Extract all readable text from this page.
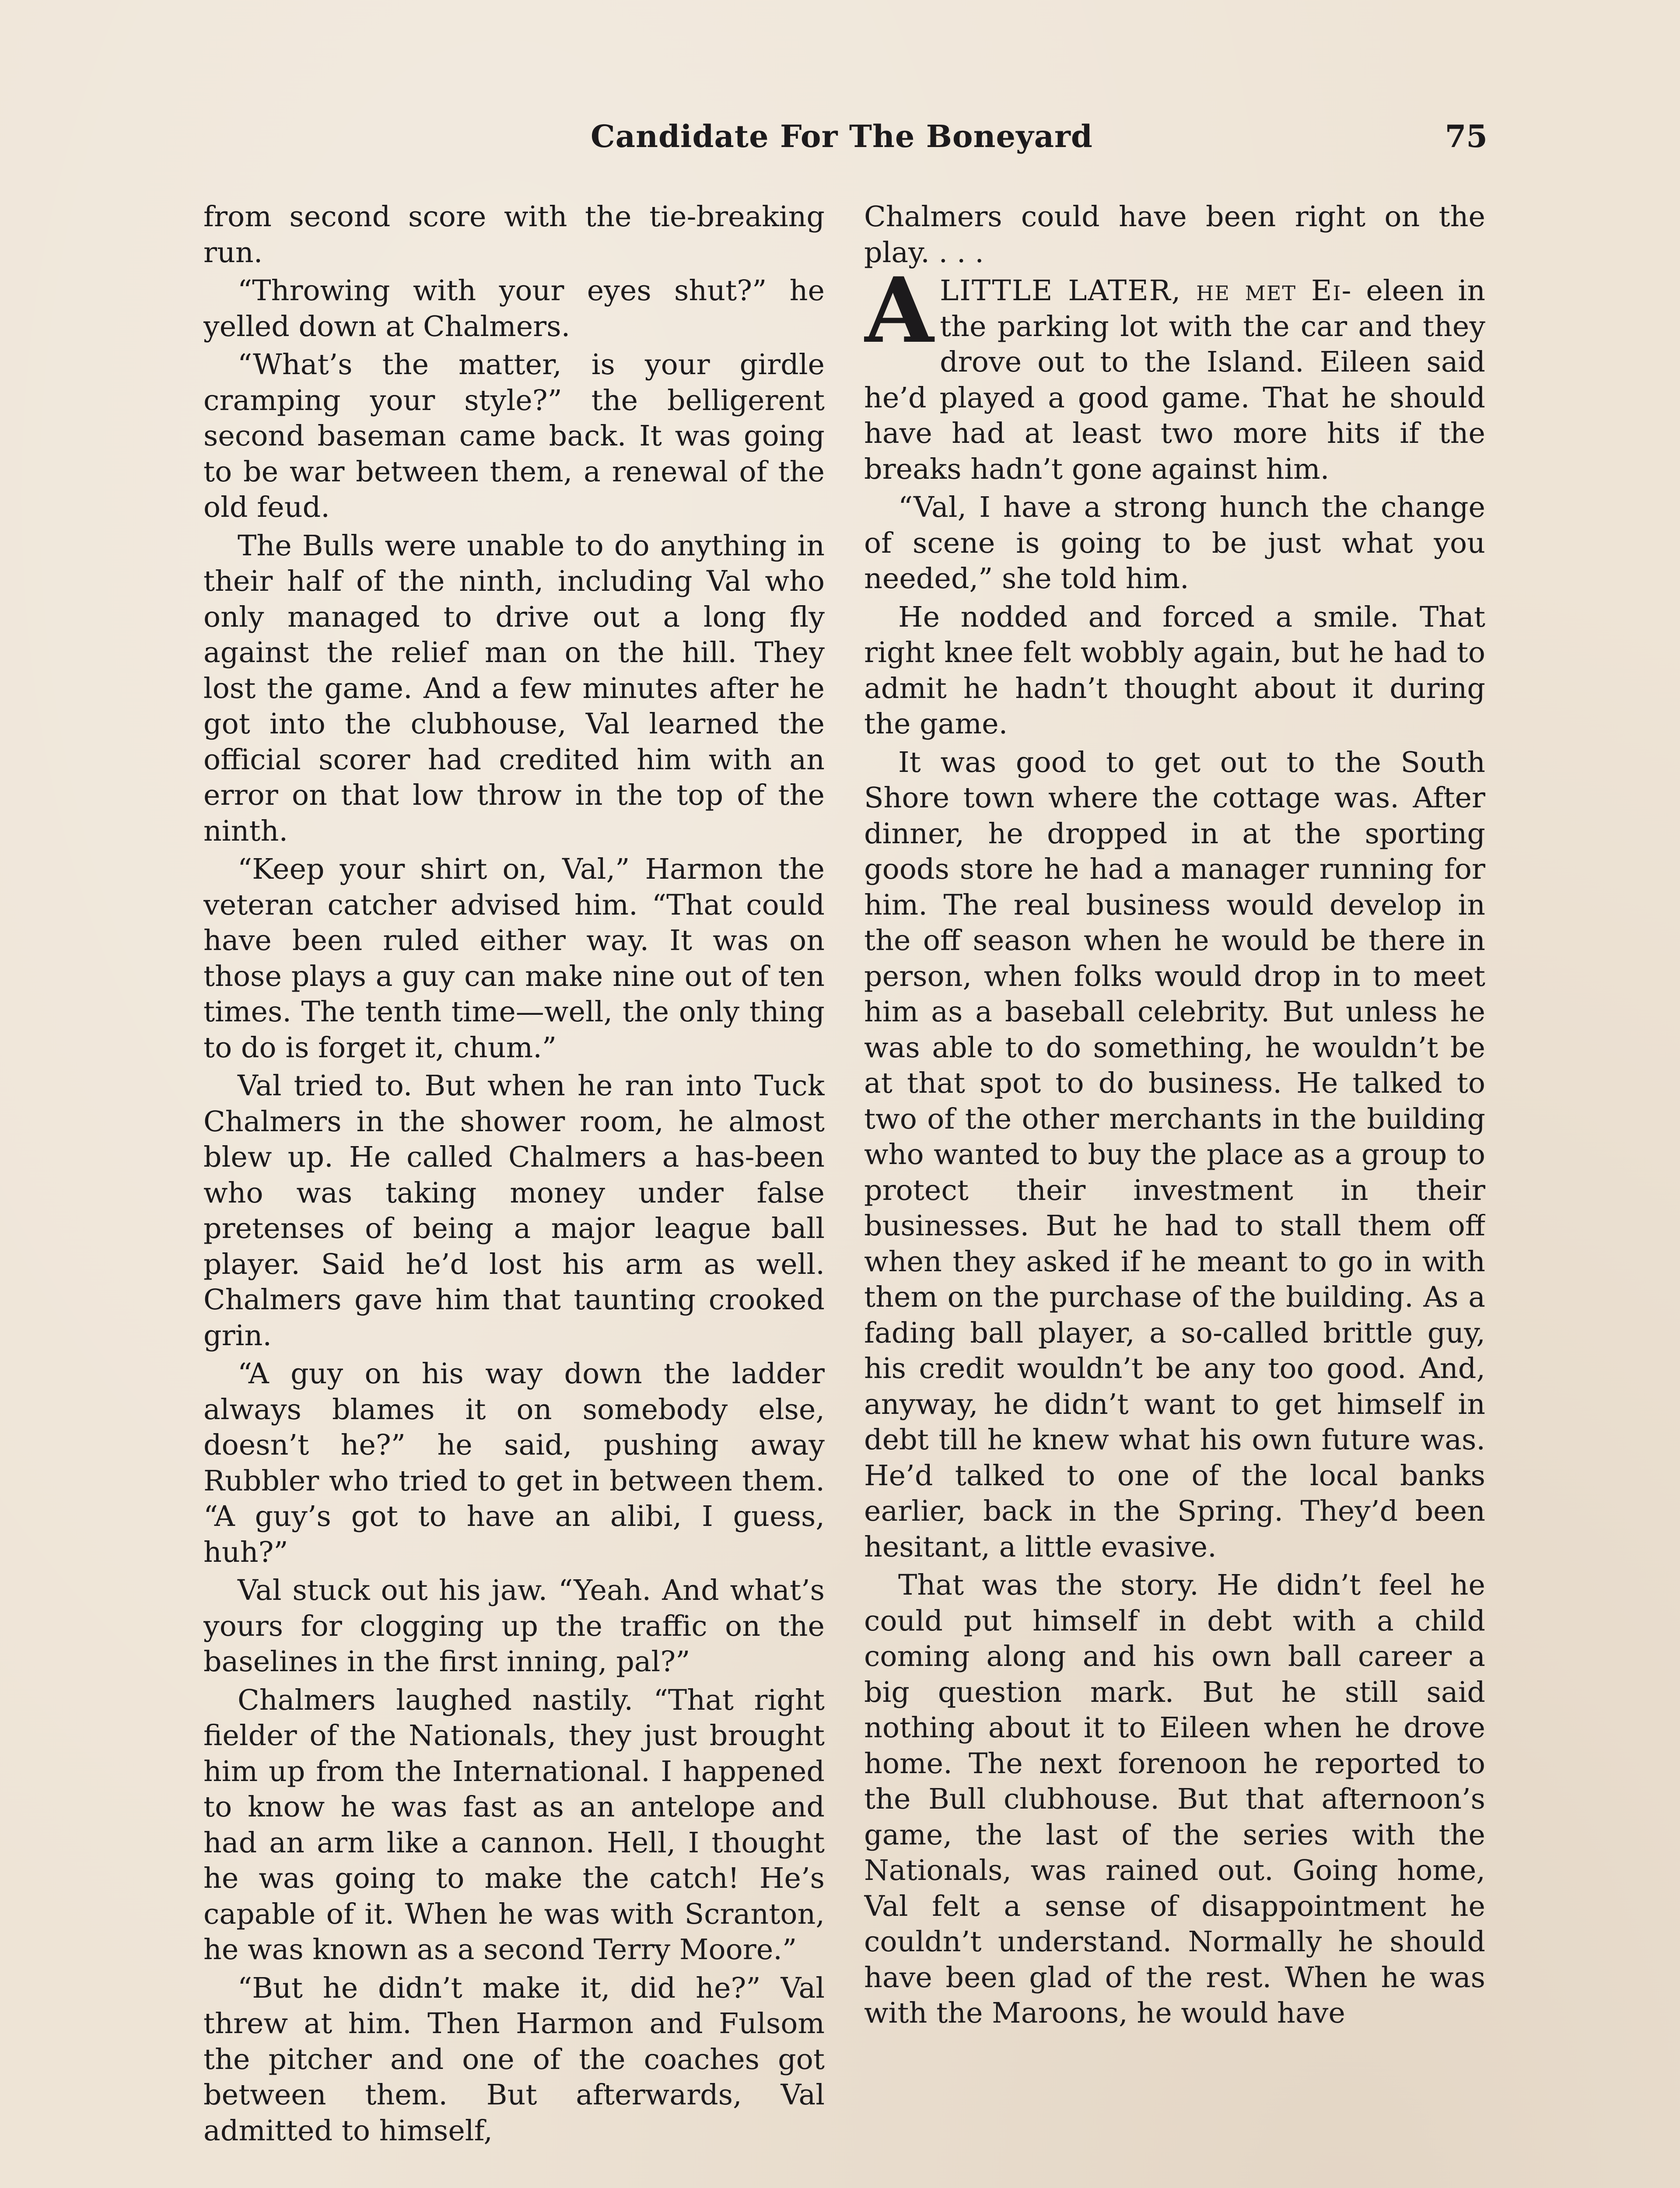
Candidate For The Boneyard	75

from second score with the tie-breaking run.

“Throwing with your eyes shut?” he yelled down at Chalmers.

“What’s the matter, is your girdle cramping your style?” the belligerent second baseman came back. It was going to be war between them, a renewal of the old feud.

The Bulls were unable to do anything in their half of the ninth, including Val who only managed to drive out a long fly against the relief man on the hill. They lost the game. And a few minutes after he got into the clubhouse, Val learned the official scorer had credited him with an error on that low throw in the top of the ninth.

“Keep your shirt on, Val,” Harmon the veteran catcher advised him. “That could have been ruled either way. It was on those plays a guy can make nine out of ten times. The tenth time—well, the only thing to do is forget it, chum.”

Val tried to. But when he ran into Tuck Chalmers in the shower room, he almost blew up. He called Chalmers a has-been who was taking money under false pretenses of being a major league ball player. Said he’d lost his arm as well. Chalmers gave him that taunting crooked grin.

“A guy on his way down the ladder always blames it on somebody else, doesn’t he?” he said, pushing away Rubbler who tried to get in between them. “A guy’s got to have an alibi, I guess, huh?”

Val stuck out his jaw. “Yeah. And what’s yours for clogging up the traffic on the baselines in the first inning, pal?”

Chalmers laughed nastily. “That right fielder of the Nationals, they just brought him up from the International. I happened to know he was fast as an antelope and had an arm like a cannon. Hell, I thought he was going to make the catch! He’s capable of it. When he was with Scranton, he was known as a second Terry Moore.”

“But he didn’t make it, did he?” Val threw at him. Then Harmon and Fulsom the pitcher and one of the coaches got between them. But afterwards, Val admitted to himself,

Chalmers could have been right on the play. . . .

A LITTLE LATER, he met Ei- eleen in the parking lot with the car and they drove out to the Island. Eileen said he’d played a good game. That he should have had at least two more hits if the breaks hadn’t gone against him.

“Val, I have a strong hunch the change of scene is going to be just what you needed,” she told him.

He nodded and forced a smile. That right knee felt wobbly again, but he had to admit he hadn’t thought about it during the game.

It was good to get out to the South Shore town where the cottage was. After dinner, he dropped in at the sporting goods store he had a manager running for him. The real business would develop in the off season when he would be there in person, when folks would drop in to meet him as a baseball celebrity. But unless he was able to do something, he wouldn’t be at that spot to do business. He talked to two of the other merchants in the building who wanted to buy the place as a group to protect their investment in their businesses. But he had to stall them off when they asked if he meant to go in with them on the purchase of the building. As a fading ball player, a so-called brittle guy, his credit wouldn’t be any too good. And, anyway, he didn’t want to get himself in debt till he knew what his own future was. He’d talked to one of the local banks earlier, back in the Spring. They’d been hesitant, a little evasive.

That was the story. He didn’t feel he could put himself in debt with a child coming along and his own ball career a big question mark. But he still said nothing about it to Eileen when he drove home. The next forenoon he reported to the Bull clubhouse. But that afternoon’s game, the last of the series with the Nationals, was rained out. Going home, Val felt a sense of disappointment he couldn’t understand. Normally he should have been glad of the rest. When he was with the Maroons, he would have
